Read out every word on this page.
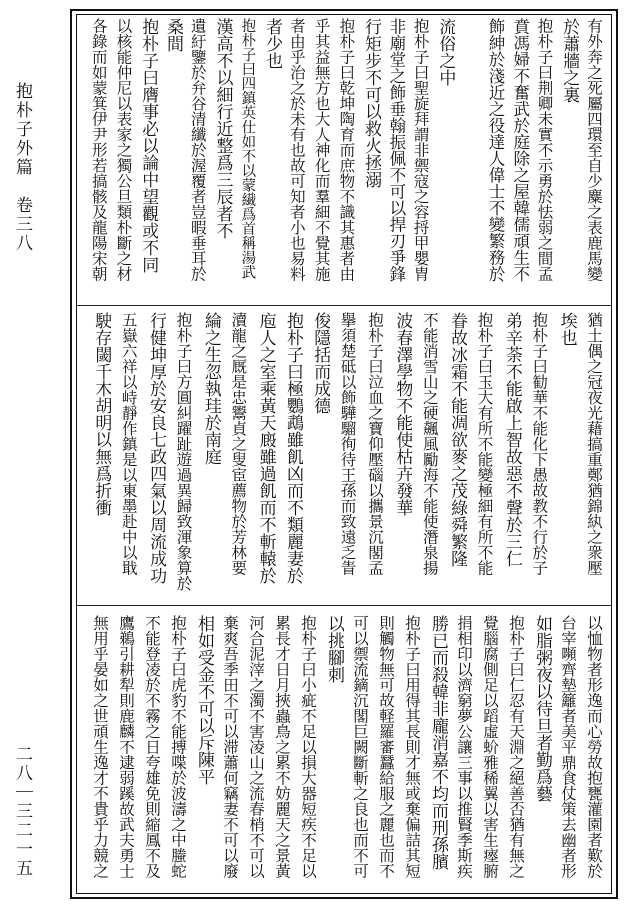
抱朴子外篇　卷三八
二八｜三二一五
有外奔之死屬四環至自少麋之表鹿馬變
於蕭牆之裏
抱朴子曰荆卿未實不示勇於怯弱之間孟
賁馮婦不奮武於庭除之屋韓儒頑生不
飾紳於淺近之役達人偉士不變繁務於
流俗之中
抱朴子曰聖旋拜謂非禦寇之容捋甲嬰胄
非廟堂之飾垂翰振佩不可以捍刃爭鋒
行矩步不可以救火拯溺
抱朴子曰乾坤陶育而庶物不識其惠者由
乎其益無方也大人神化而羣細不覺其施
者由乎治之於未有也故可知者小也易料
者少也
抱朴子曰四鎮英仕如不以蒙繊爲首稱湯武
漢高不以細行近整爲三辰者不
遺紆鑒於弁谷清纖於渥覆者豈暇垂耳於
桑間
抱朴子曰膺事必以論中望觀或不同
以核能仲尼以表家之獨公旦類朴斷之材
各錄而如蒙箕伊尹形若搞骸及龍陽宋朝
猶土偶之冠夜光藉搞重鄭猶錦紈之衆壓
埃也
抱朴子曰勧華不能化下愚故教不行於子
弟辛荼不能啟上智故惡不聲於三仁
抱朴子曰玉大有所不能變極細有所不能
眷故冰霜不能凋欲麥之茂綠舜繁隆
不能消雪山之硬飆風勵海不能使潛泉揚
波春澤學物不能使枯卉發華
抱朴子曰泣血之寶仰壓碯以攜景沉閣孟
擧須楚砥以飾驊騮徇待王孫而致遠乏眚
俊隱括而成德
抱朴子曰極鸚鵡雖飢凶而不類麗妻於
庖人之室乘黃天廄雖過飢而不斬轅於
瀆龍之厩是忠鬻貞之叟宦薦物於芳林要
綸之生忽執珪於南庭
抱朴子曰方圓糾躍趾遊過異歸致渾象算於
行健坤厚於安良七政四氣以周流成功
五嶽六祥以峙靜作鎮是以東墨赴中以戢
駛存閾千木胡明以無爲折衝
以恤物者形逸而心勞故抱甕灌園者歎於
台宰嚬齊墊籬者美平鼎食仗策去幽者形
如脂粥夜以待旦者勤爲藝
抱朴子曰仁忍有天淵之絕善否猶有無之
覺腦腐側足以蹈虛蚧雅稀翼以害生瘞腑
捐相印以濟窮夢公讓三事以推賢季斯疾
勝已而殺韓非龐消嘉不均而刑孫臏
抱朴子曰用得其長則才無或棄偏詰其短
則觸物無可故軽羅審蠶給服之麗也而不
可以禦流鏑沉閣巨闕斷斬之良也而不可
以挑腳刺
抱朴子曰小疵不足以損大器短疾不足以
累長才日月挾蟲鳥之累不妨麗天之景黃
河合泥滓之濁不害凌山之流春梢不可以
棄爽吾季田不可以滞蕭何竊妻不可以廢
相如受金不可以斥陳平
抱朴子曰虎豹不能搏喋於波濤之中螣蛇
不能登凌於不霧之日夸雄免則縮鳳不及
鷹鵜引耕犁則鹿麟不逮弱蹊故武夫勇士
無用乎晏如之世頑生逸才不貴乎力競之
